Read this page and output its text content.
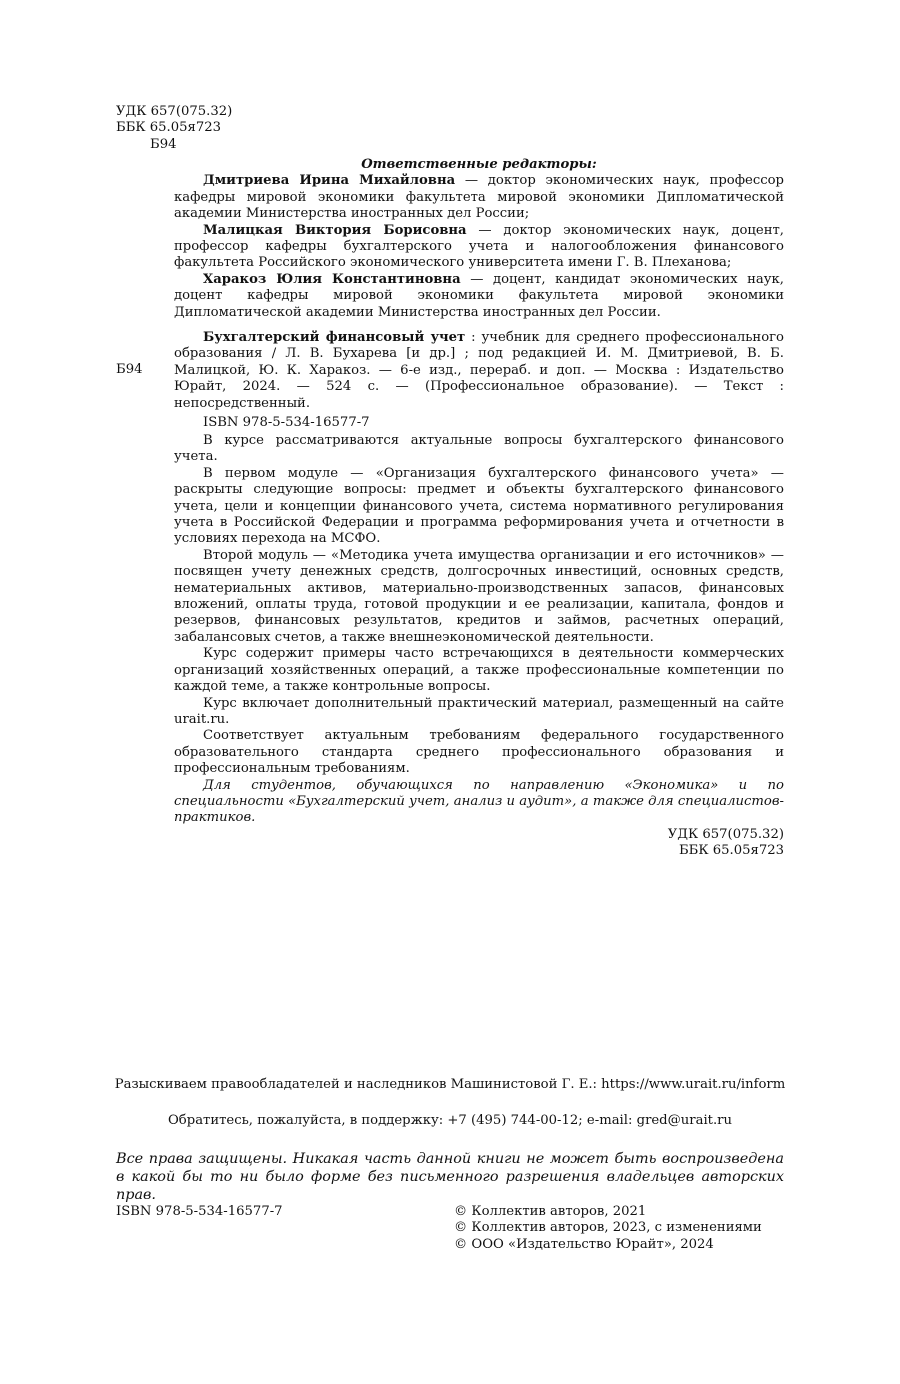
УДК 657(075.32)
ББК 65.05я723
Б94

Ответственные редакторы:

Дмитриева Ирина Михайловна — доктор экономических наук, профессор кафедры мировой экономики факультета мировой экономики Дипломатической академии Министерства иностранных дел России;

Малицкая Виктория Борисовна — доктор экономических наук, доцент, профессор кафедры бухгалтерского учета и налогообложения финансового факультета Российского экономического университета имени Г. В. Плеханова;

Харакоз Юлия Константиновна — доцент, кандидат экономических наук, доцент кафедры мировой экономики факультета мировой экономики Дипломатической академии Министерства иностранных дел России.

Б94

Бухгалтерский финансовый учет : учебник для среднего профессионального образования / Л. В. Бухарева [и др.] ; под редакцией И. М. Дмитриевой, В. Б. Малицкой, Ю. К. Харакоз. — 6-е изд., перераб. и доп. — Москва : Издательство Юрайт, 2024. — 524 с. — (Профессиональное образование). — Текст : непосредственный.

ISBN 978-5-534-16577-7

В курсе рассматриваются актуальные вопросы бухгалтерского финансового учета.

В первом модуле — «Организация бухгалтерского финансового учета» — раскрыты следующие вопросы: предмет и объекты бухгалтерского финансового учета, цели и концепции финансового учета, система нормативного регулирования учета в Российской Федерации и программа реформирования учета и отчетности в условиях перехода на МСФО.

Второй модуль — «Методика учета имущества организации и его источников» — посвящен учету денежных средств, долгосрочных инвестиций, основных средств, нематериальных активов, материально-производственных запасов, финансовых вложений, оплаты труда, готовой продукции и ее реализации, капитала, фондов и резервов, финансовых результатов, кредитов и займов, расчетных операций, забалансовых счетов, а также внешнеэкономической деятельности.

Курс содержит примеры часто встречающихся в деятельности коммерческих организаций хозяйственных операций, а также профессиональные компетенции по каждой теме, а также контрольные вопросы.

Курс включает дополнительный практический материал, размещенный на сайте urait.ru.

Соответствует актуальным требованиям федерального государственного образовательного стандарта среднего профессионального образования и профессиональным требованиям.

Для студентов, обучающихся по направлению «Экономика» и по специальности «Бухгалтерский учет, анализ и аудит», а также для специалистов-практиков.

УДК 657(075.32)
ББК 65.05я723
Разыскиваем правообладателей и наследников Машинистовой Г. Е.: https://www.urait.ru/inform
Обратитесь, пожалуйста, в поддержку: +7 (495) 744-00-12; e-mail: gred@urait.ru
Все права защищены. Никакая часть данной книги не может быть воспроизведена в какой бы то ни было форме без письменного разрешения владельцев авторских прав.
ISBN 978-5-534-16577-7	© Коллектив авторов, 2021
© Коллектив авторов, 2023, с изменениями
© ООО «Издательство Юрайт», 2024
